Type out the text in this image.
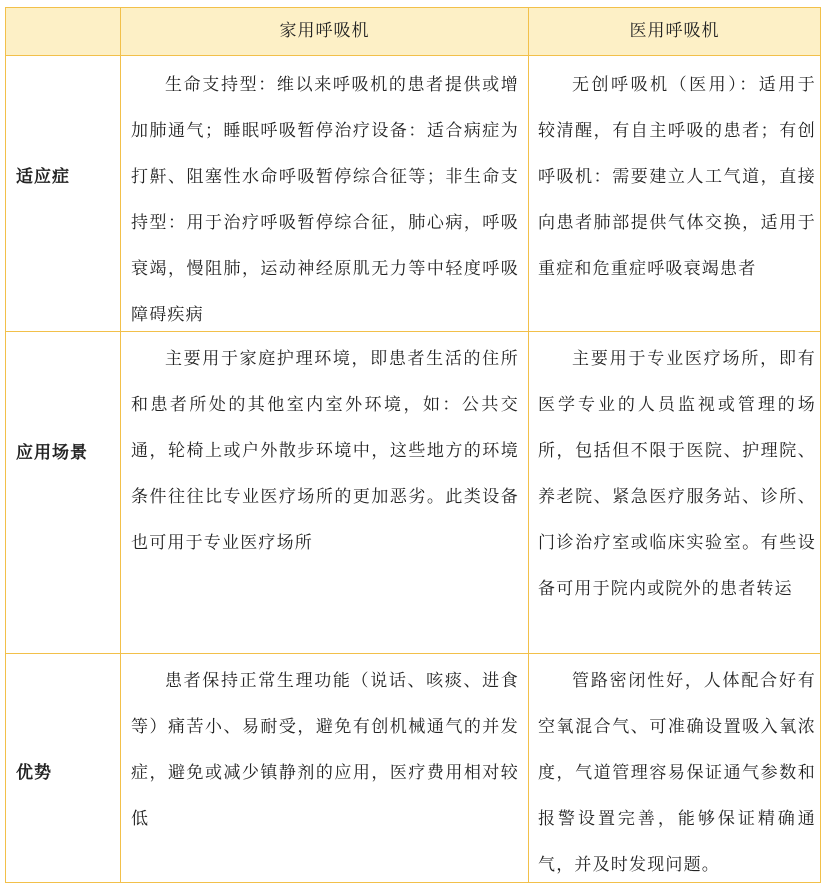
家用呼吸机	医用呼吸机
适应症

生命支持型：维以来呼吸机的患者提供或增加肺通气；睡眠呼吸暂停治疗设备：适合病症为打鼾、阻塞性水命呼吸暂停综合征等；非生命支持型：用于治疗呼吸暂停综合征，肺心病，呼吸衰竭，慢阻肺，运动神经原肌无力等中轻度呼吸障碍疾病

无创呼吸机（医用）：适用于较清醒，有自主呼吸的患者；有创呼吸机：需要建立人工气道，直接向患者肺部提供气体交换，适用于重症和危重症呼吸衰竭患者

应用场景

主要用于家庭护理环境，即患者生活的住所和患者所处的其他室内室外环境，如：公共交通，轮椅上或户外散步环境中，这些地方的环境条件往往比专业医疗场所的更加恶劣。此类设备也可用于专业医疗场所

主要用于专业医疗场所，即有医学专业的人员监视或管理的场所，包括但不限于医院、护理院、养老院、紧急医疗服务站、诊所、门诊治疗室或临床实验室。有些设备可用于院内或院外的患者转运

优势

患者保持正常生理功能（说话、咳痰、进食等）痛苦小、易耐受，避免有创机械通气的并发症，避免或减少镇静剂的应用，医疗费用相对较低

管路密闭性好，人体配合好有空氧混合气、可准确设置吸入氧浓度，气道管理容易保证通气参数和报警设置完善，能够保证精确通气，并及时发现问题。
